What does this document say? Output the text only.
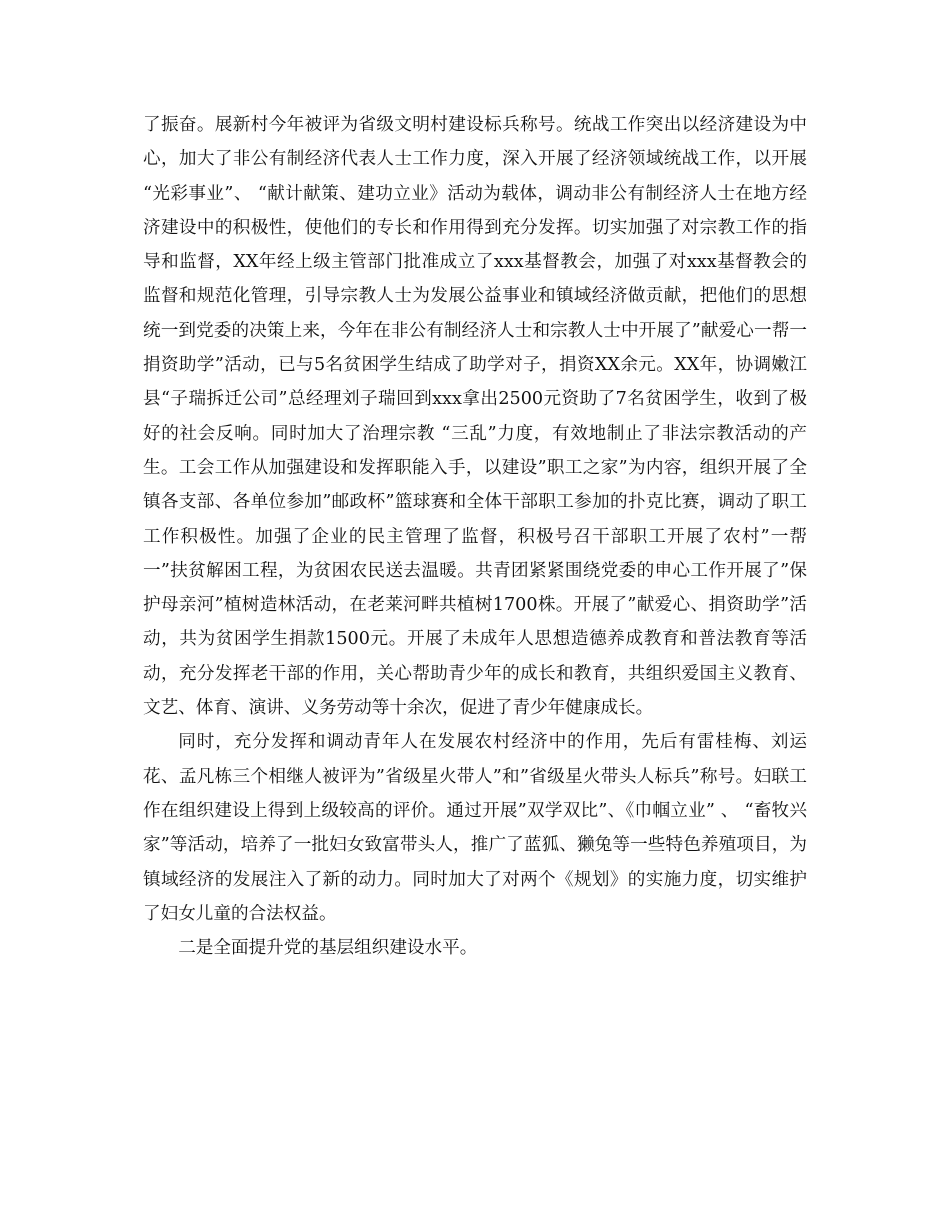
了振奋。展新村今年被评为省级文明村建设标兵称号。统战工作突出以经济建设为中心，加大了非公有制经济代表人士工作力度，深入开展了经济领域统战工作，以开展 “光彩事业”、 “献计献策、建功立业》活动为载体，调动非公有制经济人士在地方经济建设中的积极性，使他们的专长和作用得到充分发挥。切实加强了对宗教工作的指导和监督，XX年经上级主管部门批准成立了xxx基督教会，加强了对xxx基督教会的监督和规范化管理，引导宗教人士为发展公益事业和镇域经济做贡献，把他们的思想统一到党委的决策上来，今年在非公有制经济人士和宗教人士中开展了”献爱心一帮一捐资助学”活动，已与5名贫困学生结成了助学对子，捐资XX余元。XX年，协调嫩江县“子瑞拆迁公司”总经理刘子瑞回到xxx拿出2500元资助了7名贫困学生，收到了极好的社会反响。同时加大了治理宗教 “三乱”力度，有效地制止了非法宗教活动的产生。工会工作从加强建设和发挥职能入手，以建设”职工之家”为内容，组织开展了全镇各支部、各单位参加”邮政杯”篮球赛和全体干部职工参加的扑克比赛，调动了职工工作积极性。加强了企业的民主管理了监督，积极号召干部职工开展了农村”一帮一”扶贫解困工程，为贫困农民送去温暖。共青团紧紧围绕党委的申心工作开展了”保护母亲河”植树造林活动，在老莱河畔共植树1700株。开展了”献爱心、捐资助学”活动，共为贫困学生捐款1500元。开展了未成年人思想造德养成教育和普法教育等活动，充分发挥老干部的作用，关心帮助青少年的成长和教育，共组织爱国主义教育、文艺、体育、演讲、义务劳动等十余次，促进了青少年健康成长。

同时，充分发挥和调动青年人在发展农村经济中的作用，先后有雷桂梅、刘运花、孟凡栋三个相继人被评为”省级星火带人”和”省级星火带头人标兵”称号。妇联工作在组织建设上得到上级较高的评价。通过开展”双学双比”、《巾帼立业” 、 “畜牧兴家”等活动，培养了一批妇女致富带头人，推广了蓝狐、獭兔等一些特色养殖项目，为镇域经济的发展注入了新的动力。同时加大了对两个《规划》的实施力度，切实维护了妇女儿童的合法权益。

二是全面提升党的基层组织建设水平。
